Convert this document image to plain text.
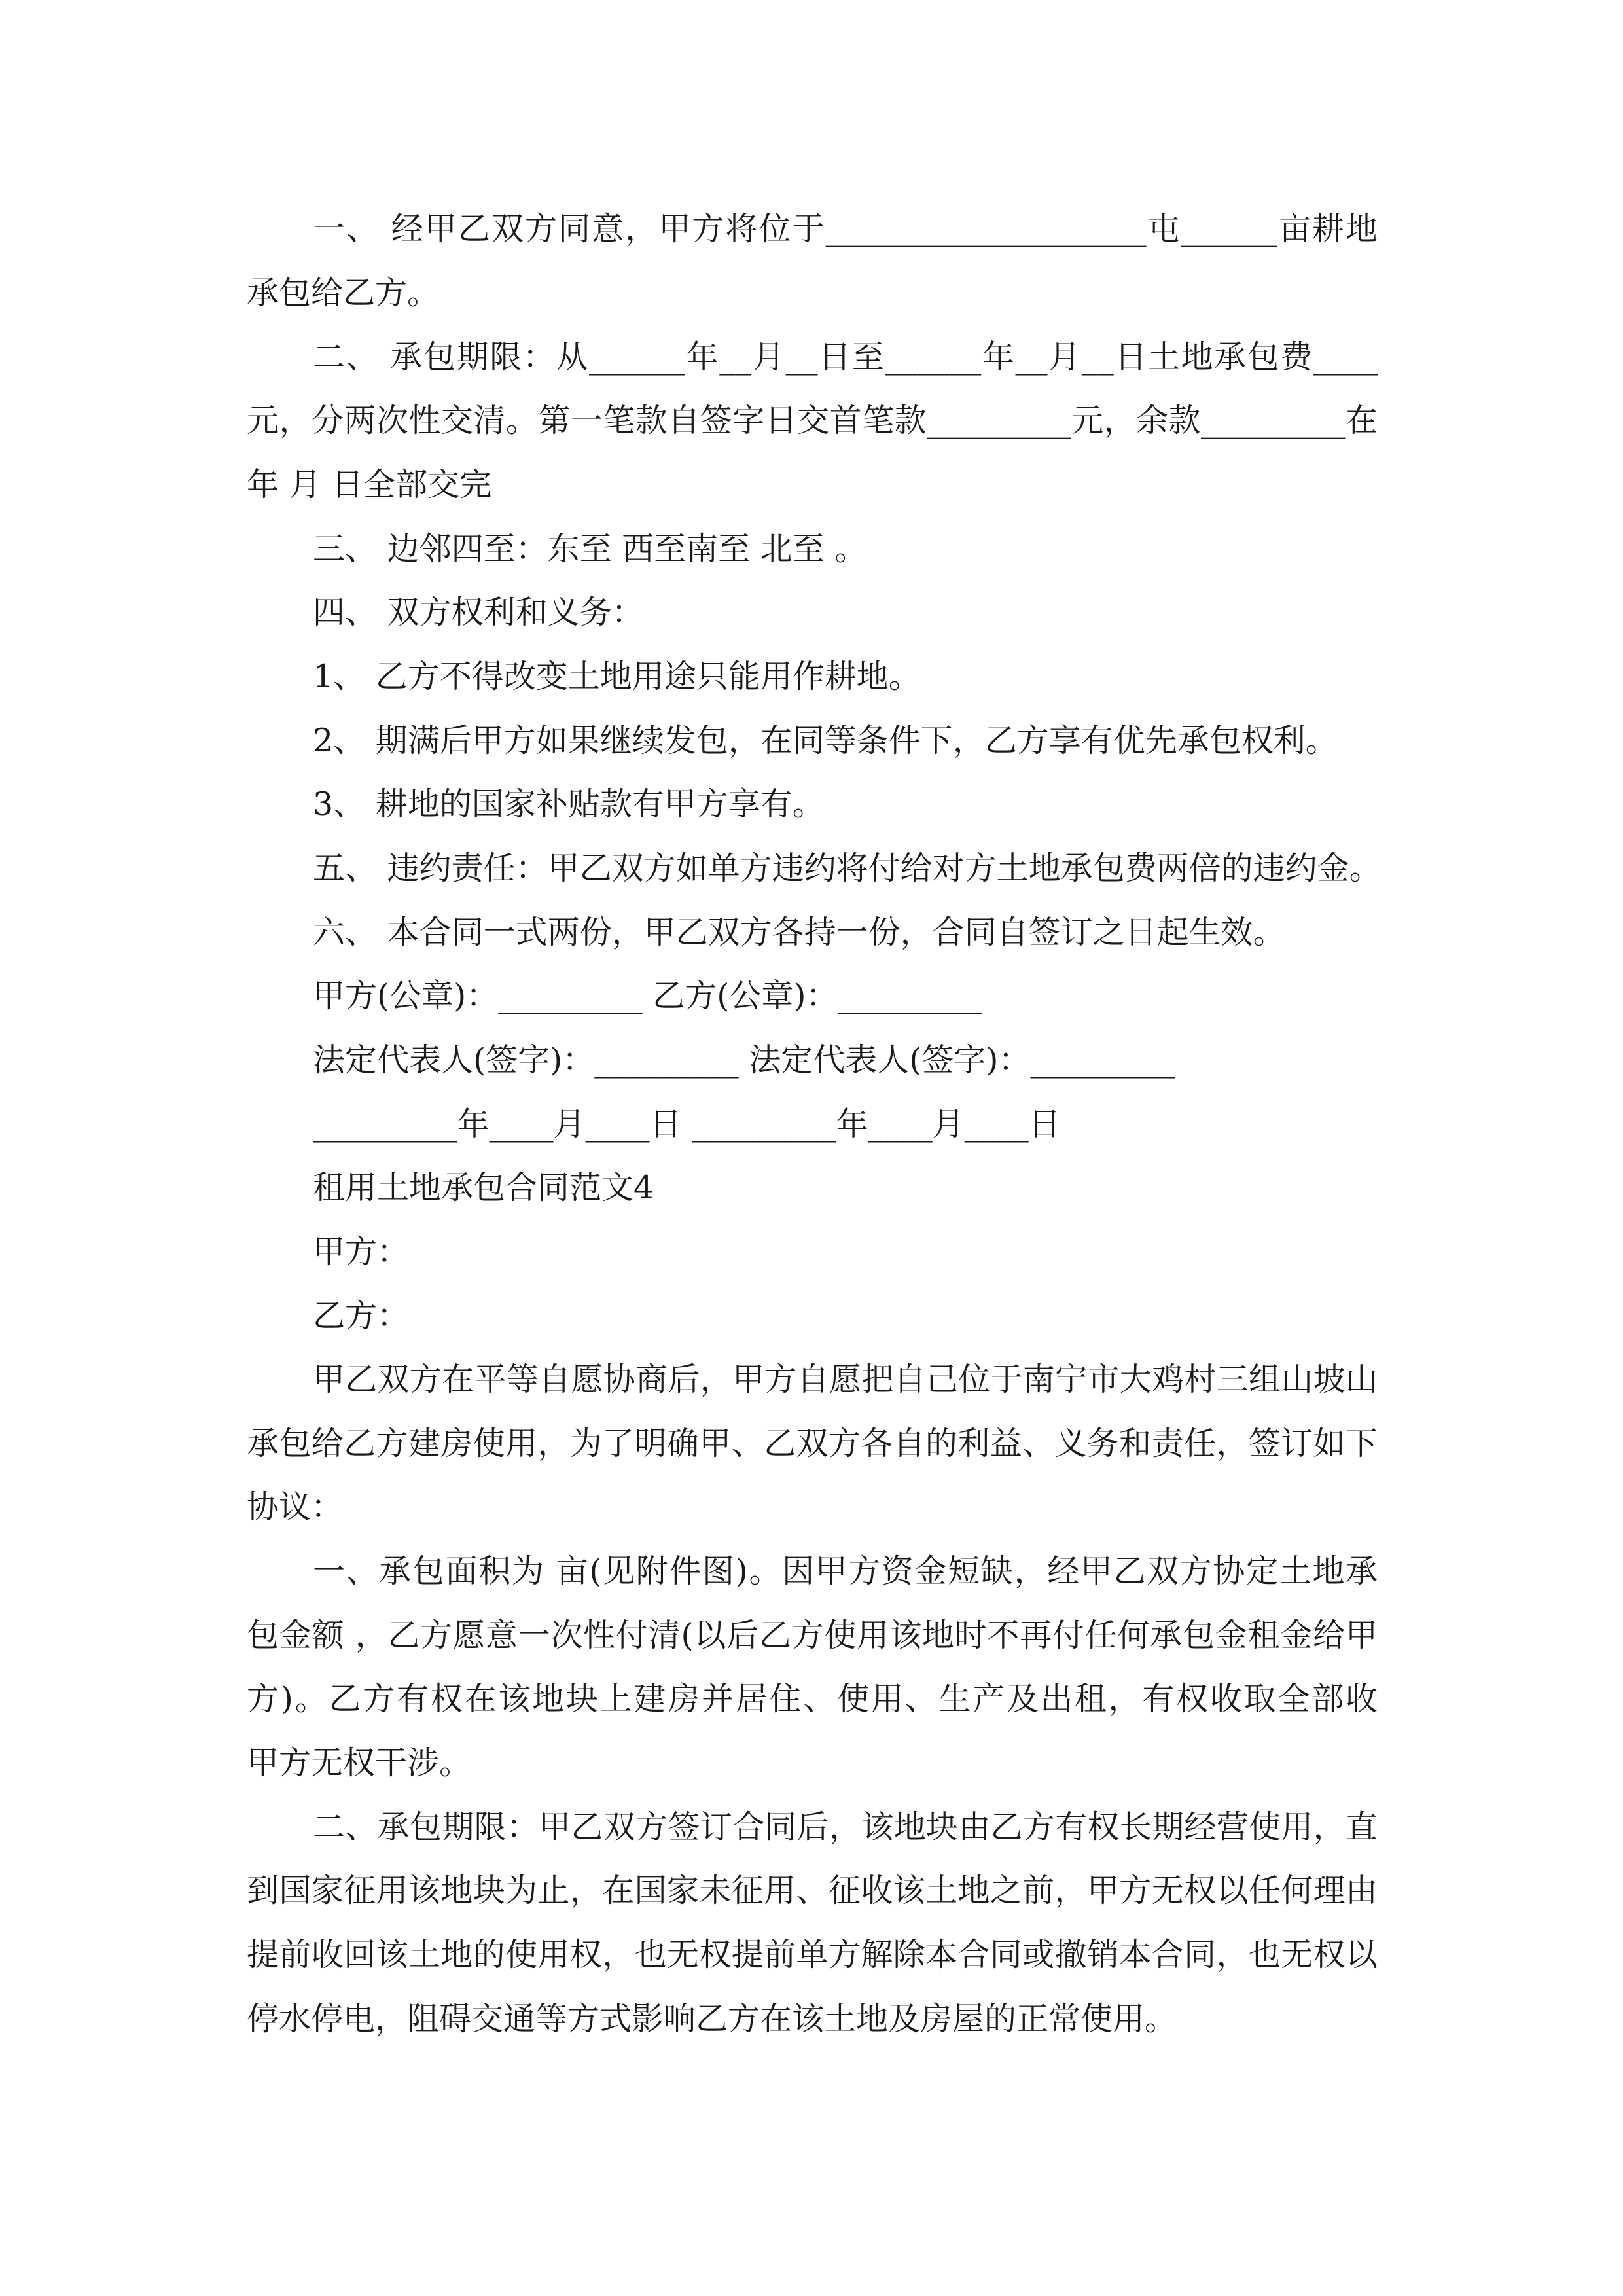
一、 经甲乙双方同意，甲方将位于____________________屯______亩耕地
承包给乙方。
二、 承包期限：从______年__月__日至______年__月__日土地承包费____
元，分两次性交清。第一笔款自签字日交首笔款_________元，余款_________在
年 月 日全部交完
三、 边邻四至：东至 西至南至 北至 。
四、 双方权利和义务：
1、 乙方不得改变土地用途只能用作耕地。
2、 期满后甲方如果继续发包，在同等条件下，乙方享有优先承包权利。
3、 耕地的国家补贴款有甲方享有。
五、 违约责任：甲乙双方如单方违约将付给对方土地承包费两倍的违约金。
六、 本合同一式两份，甲乙双方各持一份，合同自签订之日起生效。
甲方(公章)：_________ 乙方(公章)：_________
法定代表人(签字)：_________ 法定代表人(签字)：_________
_________年____月____日 _________年____月____日
租用土地承包合同范文4
甲方：
乙方：
甲乙双方在平等自愿协商后，甲方自愿把自己位于南宁市大鸡村三组山坡山
承包给乙方建房使用，为了明确甲、乙双方各自的利益、义务和责任，签订如下
协议：
一、承包面积为 亩(见附件图)。因甲方资金短缺，经甲乙双方协定土地承
包金额 ，乙方愿意一次性付清(以后乙方使用该地时不再付任何承包金租金给甲
方)。乙方有权在该地块上建房并居住、使用、生产及出租，有权收取全部收
甲方无权干涉。
二、承包期限：甲乙双方签订合同后，该地块由乙方有权长期经营使用，直
到国家征用该地块为止，在国家未征用、征收该土地之前，甲方无权以任何理由
提前收回该土地的使用权，也无权提前单方解除本合同或撤销本合同，也无权以
停水停电，阻碍交通等方式影响乙方在该土地及房屋的正常使用。
